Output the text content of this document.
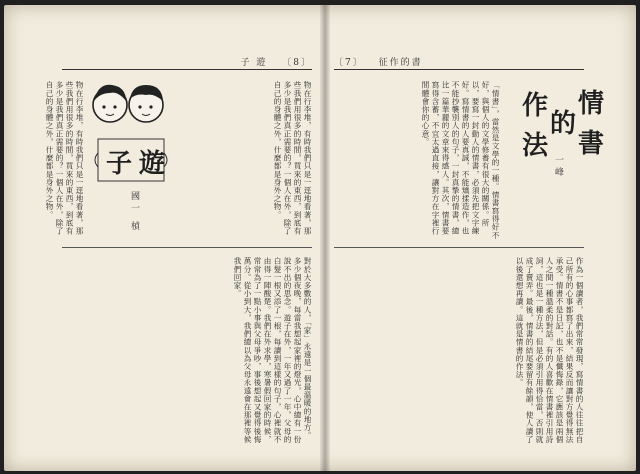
子 遊 〔8〕
物在行李堆，有時我們只是一逕地看著，那些我們用很多的時間，買來的東西，到底有多少是我們真正需要的？一個人在外，除了自己的身體之外，什麼都是身外之物。
物在行李堆，有時我們只是一逕地看著，那些我們用很多的時間，買來的東西，到底有多少是我們真正需要的？一個人在外，除了自己的身體之外，什麼都是身外之物。	遊
子
國一 楨
對於大多數的人，「家」永遠是一個最溫暖的地方。多少個夜晚，每當我想起家裡的燈光，心中總有一份說不出的思念。遊子在外，一年又過了一年，父母的白髮一根又添了一根，每讀到這樣的句子，心裡就不由得一陣酸楚。我們在外求學，寒暑假回家的時候，常常為了一點小事與父母爭吵，事後想起又覺得後悔萬分。從小到大，我們總以為父母永遠會在那裡等候我們回家。
〔7〕 征作的書
「情書」，當然是文學的一種。情書寫得好不好，與個人的文學修養有很大的關係。所以，要寫一封動人的情書，必須先把文字練好。寫情書的人要真誠，不能矯揉造作，也不能抄襲別人的句子，一封真摯的情書，總比一篇華麗的文章來得感人。其次，情書要寫得含蓄，不宜太過直接，讓對方在字裡行間體會你的心意。	情
書
的
作
法
一峰
作為一個讀者，我們常常發現，寫情書的人往往把自己所有的心事都寫了出來，結果反而讓對方覺得無法承受。情書不是日記，也不是懺悔錄，它應該是兩個人之間一種溫柔的對話。有的人喜歡在情書裡引用詩詞，這也是一種方法，但是必須引用得恰當，否則就成了賣弄。最後，情書的結尾要留有餘韻，使人讀了以後還想再讀。這就是情書的作法。
